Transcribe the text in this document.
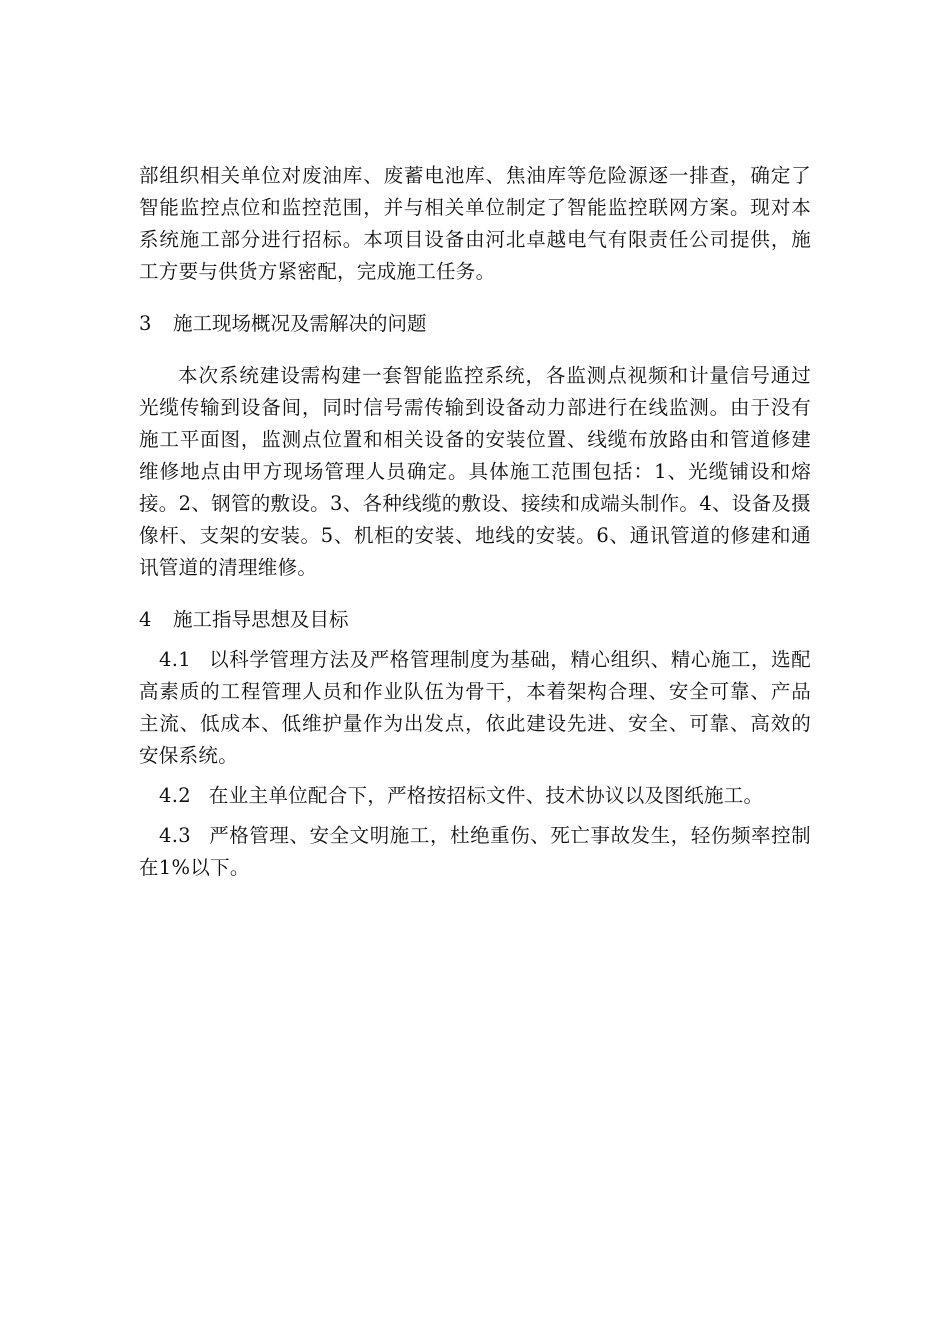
部组织相关单位对废油库、废蓄电池库、焦油库等危险源逐一排查，确定了智能监控点位和监控范围，并与相关单位制定了智能监控联网方案。现对本系统施工部分进行招标。本项目设备由河北卓越电气有限责任公司提供，施工方要与供货方紧密配，完成施工任务。

3	施工现场概况及需解决的问题

本次系统建设需构建一套智能监控系统，各监测点视频和计量信号通过光缆传输到设备间，同时信号需传输到设备动力部进行在线监测。由于没有施工平面图，监测点位置和相关设备的安装位置、线缆布放路由和管道修建维修地点由甲方现场管理人员确定。具体施工范围包括：1、光缆铺设和熔接。2、钢管的敷设。3、各种线缆的敷设、接续和成端头制作。4、设备及摄像杆、支架的安装。5、机柜的安装、地线的安装。6、通讯管道的修建和通讯管道的清理维修。

4	施工指导思想及目标

4.1 以科学管理方法及严格管理制度为基础，精心组织、精心施工，选配高素质的工程管理人员和作业队伍为骨干，本着架构合理、安全可靠、产品主流、低成本、低维护量作为出发点，依此建设先进、安全、可靠、高效的安保系统。

4.2 在业主单位配合下，严格按招标文件、技术协议以及图纸施工。

4.3 严格管理、安全文明施工，杜绝重伤、死亡事故发生，轻伤频率控制在1%以下。
